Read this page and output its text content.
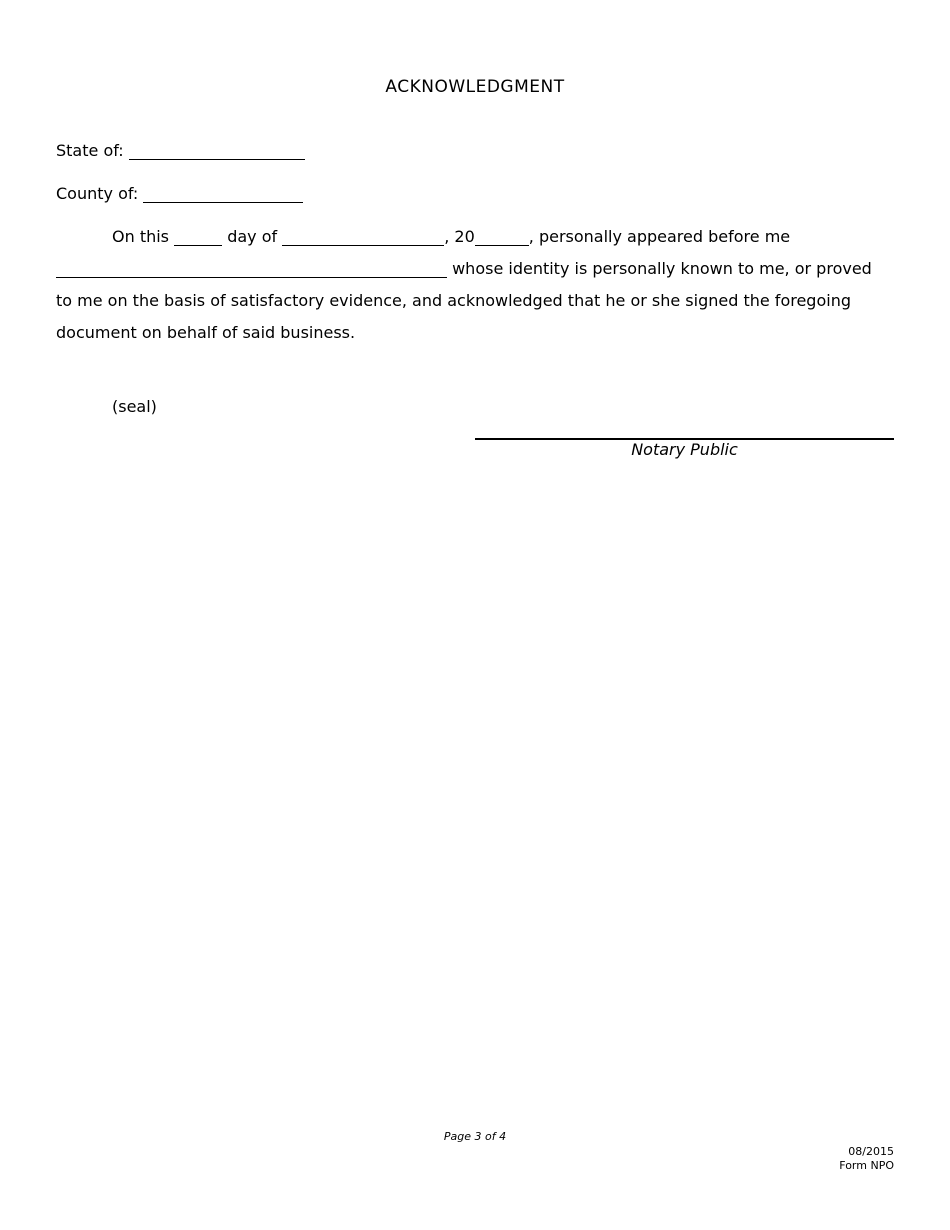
ACKNOWLEDGMENT
State of:
County of:
On this	day of	, 20	, personally appeared before me
whose identity is personally known to me, or proved
to me on the basis of satisfactory evidence, and acknowledged that he or she signed the foregoing
document on behalf of said business.
(seal)
Notary Public
Page 3 of 4
08/2015
Form NPO
